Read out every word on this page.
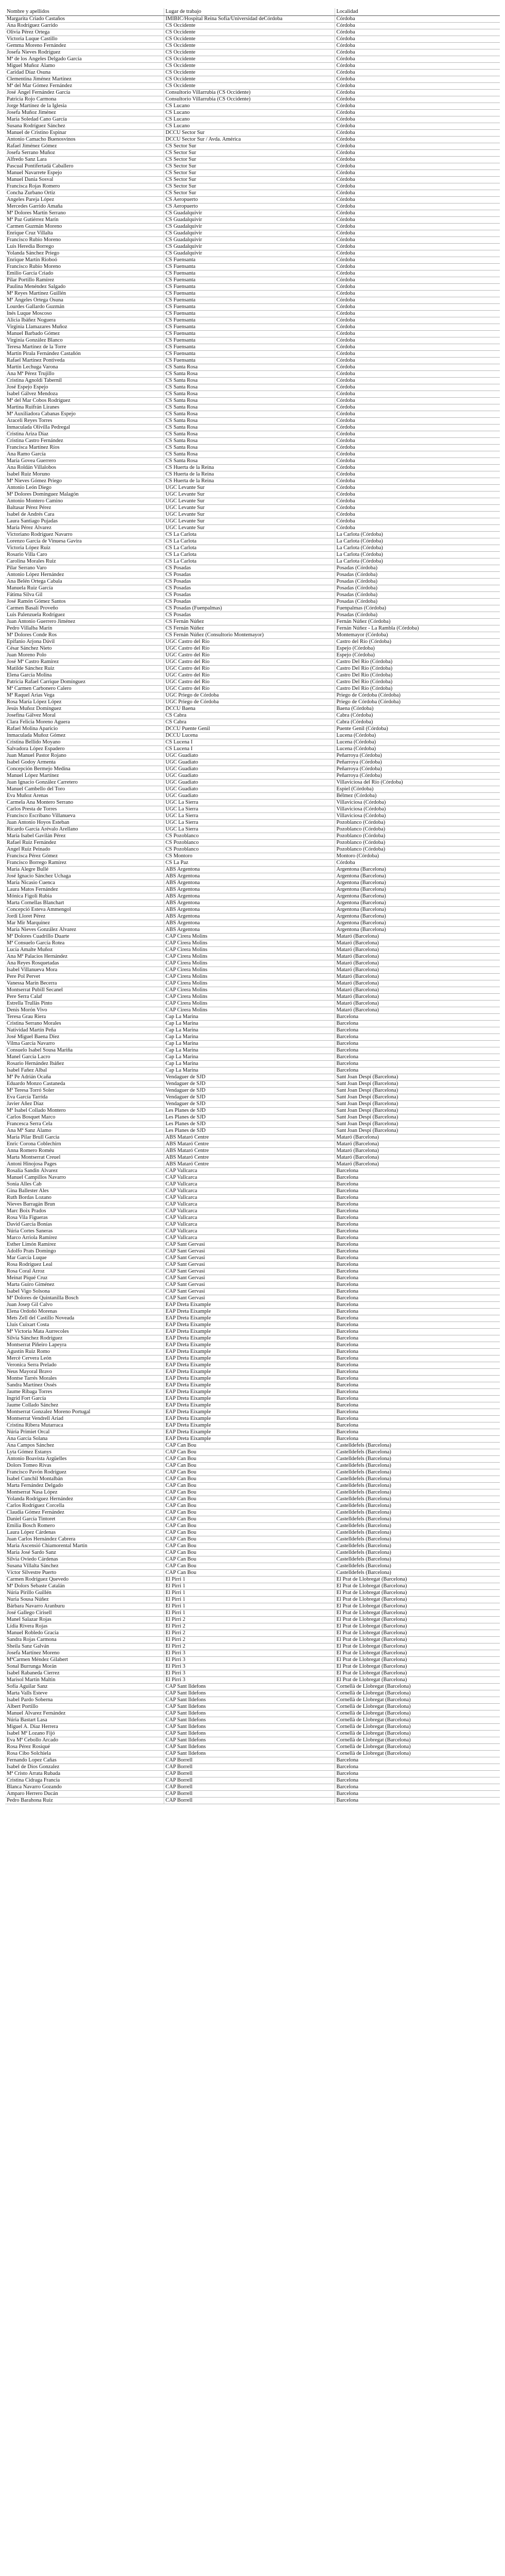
Nombre y apellidos	Lugar de trabajo	Localidad
Margarita Criado Castaños	IMIBIC/Hospital Reina Sofía/Universidad deCórdoba	Córdoba
Ana Rodríguez Garrido	CS Occidente	Córdoba
Olivia Pérez Ortega	CS Occidente	Córdoba
Victoria Luque Castillo	CS Occidente	Córdoba
Gemma Moreno Fernández	CS Occidente	Córdoba
Josefa Nieves Rodríguez	CS Occidente	Córdoba
Mª de los Ángeles Delgado García	CS Occidente	Córdoba
Miguel Muñoz Álamo	CS Occidente	Córdoba
Caridad Díaz Osuna	CS Occidente	Córdoba
Clementina Jiménez Martínez	CS Occidente	Córdoba
Mª del Mar Gómez Fernández	CS Occidente	Córdoba
José Ángel Fernández García	Consultorio Villarrubia (CS Occidente)	Córdoba
Patricia Rojo Carmona	Consultorio Villarrubia (CS Occidente)	Córdoba
Jorge Martínez de la Iglesia	CS Lucano	Córdoba
Josefa Muñoz Jiménez	CS Lucano	Córdoba
María Soledad Cano García	CS Lucano	Córdoba
Susana Rodríguez Sánchez	CS Lucano	Córdoba
Manuel de Cristino Espinar	DCCU Sector Sur	Córdoba
Antonio Camacho Buenosvinos	DCCU Sector Sur / Avda. América	Córdoba
Rafael Jiménez Gómez	CS Sector Sur	Córdoba
Josefa Serrano Muñoz	CS Sector Sur	Córdoba
Alfredo Sanz Lara	CS Sector Sur	Córdoba
Pascual Pontifertadá Caballero	CS Sector Sur	Córdoba
Manuel Navarrete Espejo	CS Sector Sur	Córdoba
Manuel Dania Sosval	CS Sector Sur	Córdoba
Francisca Rojas Romero	CS Sector Sur	Córdoba
Concha Zurbano Ortiz	CS Sector Sur	Córdoba
Ángeles Pareja López	CS Aeropuerto	Córdoba
Mercedes Garrido Amaña	CS Aeropuerto	Córdoba
Mª Dolores Martín Serrano	CS Guadalquivir	Córdoba
Mª Paz Gutiérrez Marín	CS Guadalquivir	Córdoba
Carmen Guzmán Moreno	CS Guadalquivir	Córdoba
Enrique Cruz Villalta	CS Guadalquivir	Córdoba
Francisco Rubio Moreno	CS Guadalquivir	Córdoba
Luis Heredia Borrego	CS Guadalquivir	Córdoba
Yolanda Sánchez Priego	CS Guadalquivir	Córdoba
Enrique Martín Rioboó	CS Fuensanta	Córdoba
Francisco Rubio Moreno	CS Fuensanta	Córdoba
Emilio García Criado	CS Fuensanta	Córdoba
Pilar Portillo Ramírez	CS Fuensanta	Córdoba
Paulina Menéndez Salgado	CS Fuensanta	Córdoba
Mª Reyes Martínez Guillén	CS Fuensanta	Córdoba
Mª Ángeles Ortega Osuna	CS Fuensanta	Córdoba
Lourdes Gallardo Guzmán	CS Fuensanta	Córdoba
Inés Luque Moscoso	CS Fuensanta	Córdoba
Alicia Ibáñez Noguera	CS Fuensanta	Córdoba
Virginia Llamazares Muñoz	CS Fuensanta	Córdoba
Manuel Barbado Gómez	CS Fuensanta	Córdoba
Virginia González Blanco	CS Fuensanta	Córdoba
Teresa Martínez de la Torre	CS Fuensanta	Córdoba
Martín Pirala Fernández Castañón	CS Fuensanta	Córdoba
Rafael Martínez Pontiveda	CS Fuensanta	Córdoba
Martín Lechuga Varona	CS Santa Rosa	Córdoba
Ana Mª Pérez Trujillo	CS Santa Rosa	Córdoba
Cristina Agnoldi Tabernil	CS Santa Rosa	Córdoba
José Espejo Espejo	CS Santa Rosa	Córdoba
Isabel Gálvez Mendoza	CS Santa Rosa	Córdoba
Mª del Mar Cobos Rodríguez	CS Santa Rosa	Córdoba
Martina Ruifrán Liranes	CS Santa Rosa	Córdoba
Mª Auxiliadora Cabanas Espejo	CS Santa Rosa	Córdoba
Araceli Reyes Torres	CS Santa Rosa	Córdoba
Inmaculada Olivilla Pedregal	CS Santa Rosa	Córdoba
Cristina Ariza Díaz	CS Santa Rosa	Córdoba
Cristina Castro Fernández	CS Santa Rosa	Córdoba
Francisca Martínez Ríos	CS Santa Rosa	Córdoba
Ana Ramo García	CS Santa Rosa	Córdoba
María Govea Guerrero	CS Santa Rosa	Córdoba
Ana Roldán Villalobos	CS Huerta de la Reina	Córdoba
Isabel Ruiz Moruno	CS Huerta de la Reina	Córdoba
Mª Nieves Gómez Priego	CS Huerta de la Reina	Córdoba
Antonio León Diego	UGC Levante Sur	Córdoba
Mª Dolores Domínguez Malagón	UGC Levante Sur	Córdoba
Antonio Montero Camino	UGC Levante Sur	Córdoba
Baltasar Pérez Pérez	UGC Levante Sur	Córdoba
Isabel de Andrés Cara	UGC Levante Sur	Córdoba
Laura Santiago Pujadas	UGC Levante Sur	Córdoba
María Pérez Álvarez	UGC Levante Sur	Córdoba
Victoriano Rodríguez Navarro	CS La Carlota	La Carlota (Córdoba)
Lorenzo García de Vinuesa Gavira	CS La Carlota	La Carlota (Córdoba)
Victoria López Ruiz	CS La Carlota	La Carlota (Córdoba)
Rosario Villa Caro	CS La Carlota	La Carlota (Córdoba)
Carolina Morales Ruiz	CS La Carlota	La Carlota (Córdoba)
Pilar Serrano Varo	CS Posadas	Posadas (Córdoba)
Antonio López Hernández	CS Posadas	Posadas (Córdoba)
Ana Belén Ortega Cabala	CS Posadas	Posadas (Córdoba)
Manuela Ruiz García	CS Posadas	Posadas (Córdoba)
Fátima Silva Gil	CS Posadas	Posadas (Córdoba)
José Ramón Gómez Santos	CS Posadas	Posadas (Córdoba)
Carmen Basalí Proveño	CS Posadas (Fuenpalmas)	Fuenpalmas (Córdoba)
Luis Palenzuela Rodríguez	CS Posadas	Posadas (Córdoba)
Juan Antonio Guerrero Jiménez	CS Fernán Núñez	Fernán Núñez (Córdoba)
Pedro Villalba Marín	CS Fernán Núñez	Fernán Núñez - La Rambla (Córdoba)
Mª Dolores Conde Ros	CS Fernán Núñez (Consultorio Montemayor)	Montemayor (Córdoba)
Epifanio Arjona Dávil	UGC Castro del Río	Castro del Río (Córdoba)
César Sánchez Nieto	UGC Castro del Río	Espejo (Córdoba)
Juan Moreno Polo	UGC Castro del Río	Espejo (Córdoba)
José Mª Castro Ramírez	UGC Castro del Río	Castro Del Río (Córdoba)
Matilde Sánchez Ruiz	UGC Castro del Río	Castro Del Río (Córdoba)
Elena García Molina	UGC Castro del Río	Castro Del Río (Córdoba)
Patricia Rafael Carrique Domínguez	UGC Castro del Río	Castro Del Río (Córdoba)
Mª Carmen Carbonero Calero	UGC Castro del Río	Castro Del Río (Córdoba)
Mª Raquel Arias Vega	UGC Priego de Córdoba	Priego de Córdoba (Córdoba)
Rosa María López López	UGC Priego de Córdoba	Priego de Córdoba (Córdoba)
Jesús Muñoz Domínguez	DCCU Baena	Baena (Córdoba)
Josefina Gálvez Moral	CS Cabra	Cabra (Córdoba)
Clara Felicia Moreno Aguera	CS Cabra	Cabra (Córdoba)
Rafael Molina Aparicio	DCCU Puente Genil	Puente Genil (Córdoba)
Inmaculada Muñoz Gómez	DCCU Lucena	Lucena (Córdoba)
Cristina Bellido Moyano	CS Lucena I	Lucena (Córdoba)
Salvadora López Espadero	CS Lucena I	Lucena (Córdoba)
Juan Manuel Pastor Rojano	UGC Guadiato	Peñarroya (Córdoba)
Isabel Godoy Armenta	UGC Guadiato	Peñarroya (Córdoba)
Concepción Bermejo Medina	UGC Guadiato	Peñarroya (Córdoba)
Manuel López Martínez	UGC Guadiato	Peñarroya (Córdoba)
Juan Ignacio González Carretero	UGC Guadiato	Villaviciosa del Río (Córdoba)
Manuel Cambello del Toro	UGC Guadiato	Espiel (Córdoba)
Eva Muñoz Arenas	UGC Guadiato	Bélmez (Córdoba)
Carmela Ana Montero Serrano	UGC La Sierra	Villaviciosa (Córdoba)
Carlos Presta de Torres	UGC La Sierra	Villaviciosa (Córdoba)
Francisco Escribano Villanueva	UGC La Sierra	Villaviciosa (Córdoba)
Juan Antonio Hoyos Esteban	UGC La Sierra	Pozoblanco (Córdoba)
Ricardo García Arévalo Arellano	UGC La Sierra	Pozoblanco (Córdoba)
María Isabel Gavilán Pérez	CS Pozoblanco	Pozoblanco (Córdoba)
Rafael Ruiz Fernández	CS Pozoblanco	Pozoblanco (Córdoba)
Ángel Ruiz Peinado	CS Pozoblanco	Pozoblanco (Córdoba)
Francisca Pérez Gómez	CS Montoro	Montoro (Córdoba)
Francisco Borrego Ramírez	CS La Paz	Córdoba
María Alegre Bullé	ABS Argentona	Argentona (Barcelona)
José Ignacio Sánchez Uchaga	ABS Argentona	Argentona (Barcelona)
María Nicasio Cuenca	ABS Argentona	Argentona (Barcelona)
Laura Matos Fernández	ABS Argentona	Argentona (Barcelona)
Mónica Figoli Rubia	ABS Argentona	Argentona (Barcelona)
Marta Cornellas Blanchart	ABS Argentona	Argentona (Barcelona)
Concepció Esteva Ammengol	ABS Argentona	Argentona (Barcelona)
Jordi Lloret Pérez	ABS Argentona	Argentona (Barcelona)
Mar Mir Marquinez	ABS Argentona	Argentona (Barcelona)
María Nieves González Álvarez	ABS Argentona	Argentona (Barcelona)
Mª Dolores Cuadrillo Duarte	CAP Cirera Molins	Mataró (Barcelona)
Mª Consuelo García Rotea	CAP Cirera Molins	Mataró (Barcelona)
Lucía Amalte Muñoz	CAP Cirera Molins	Mataró (Barcelona)
Ana Mª Palacios Hernández	CAP Cirera Molins	Mataró (Barcelona)
Ana Reyes Rosquetadas	CAP Cirera Molins	Mataró (Barcelona)
Isabel Villanueva Mora	CAP Cirera Molins	Mataró (Barcelona)
Pere Pol Pervet	CAP Cirera Molins	Mataró (Barcelona)
Vanessa Marín Becerra	CAP Cirera Molins	Mataró (Barcelona)
Montserrat Pubill Secanel	CAP Cirera Molins	Mataró (Barcelona)
Pere Serra Calaf	CAP Cirera Molins	Mataró (Barcelona)
Estrella Trullàs Pinto	CAP Cirera Molins	Mataró (Barcelona)
Denis Morón Vivo	CAP Cirera Molins	Mataró (Barcelona)
Teresa Grau Riera	Cap La Marina	Barcelona
Cristina Serrano Morales	Cap La Marina	Barcelona
Natividad Martín Peña	Cap La Marina	Barcelona
José Miguel Baena Díez	Cap La Marina	Barcelona
Vilma García Navarro	Cap La Marina	Barcelona
Consuelo Isabel Sousa Mariña	Cap La Marina	Barcelona
Manel García Lacro	Cap La Marina	Barcelona
Rosario Hernández Ibáñez	Cap La Marina	Barcelona
Isabel Fañez Albal	Cap La Marina	Barcelona
Mª Pe Adrián Ocaña	Vendaguer de SJD	Sant Joan Despí (Barcelona)
Eduardo Monzo Castaneda	Vendaguer de SJD	Sant Joan Despí (Barcelona)
Mª Teresa Torró Soler	Vendaguer de SJD	Sant Joan Despí (Barcelona)
Eva García Tarrida	Vendaguer de SJD	Sant Joan Despí (Barcelona)
Javier Añez Díaz	Vendaguer de SJD	Sant Joan Despí (Barcelona)
Mª Isabel Collado Montero	Les Planes de SJD	Sant Joan Despí (Barcelona)
Carlos Bosquet Marco	Les Planes de SJD	Sant Joan Despí (Barcelona)
Francesca Serra Cela	Les Planes de SJD	Sant Joan Despí (Barcelona)
Ana Mª Sanz Álamo	Les Planes de SJD	Sant Joan Despí (Barcelona)
María Pilar Brull Garcia	ABS Mataró Centre	Mataró (Barcelona)
Enric Corona Coblechirn	ABS Mataró Centre	Mataró (Barcelona)
Anna Romero Roméu	ABS Mataró Centre	Mataró (Barcelona)
Marta Montserrat Creuel	ABS Mataró Centre	Mataró (Barcelona)
Antoni Hinojosa Pages	ABS Mataró Centre	Mataró (Barcelona)
Rosalía Sandin Álvarez	CAP Vallcarca	Barcelona
Manuel Campillos Navarro	CAP Vallcarca	Barcelona
Sonia Alles Cab	CAP Vallcarca	Barcelona
Gina Ballester Ales	CAP Vallcarca	Barcelona
Ruth Bordas Lozano	CAP Vallcarca	Barcelona
Nieves Barragán Brun	CAP Vallcarca	Barcelona
Marc Boix Prados	CAP Vallcarca	Barcelona
Rosa Vila Figueras	CAP Vallcarca	Barcelona
David García Bonías	CAP Vallcarca	Barcelona
Núria Cortes Saneras	CAP Vallcarca	Barcelona
Marco Arriola Ramírez	CAP Vallcarca	Barcelona
Esther Limón Ramírez	CAP Sant Gervasi	Barcelona
Adolfo Prats Domingo	CAP Sant Gervasi	Barcelona
Mar García Luque	CAP Sant Gervasi	Barcelona
Rosa Rodríguez Leal	CAP Sant Gervasi	Barcelona
Rosa Coral Arroz	CAP Sant Gervasi	Barcelona
Meinat Piqué Cruz	CAP Sant Gervasi	Barcelona
Marta Guiro Giménez	CAP Sant Gervasi	Barcelona
Isabel Vigo Solsona	CAP Sant Gervasi	Barcelona
Mª Dolores de Quintanilla Bosch	CAP Sant Gervasi	Barcelona
Juan Josep Gil Calvo	EAP Dreta Eixample	Barcelona
Elena Ordoñó Morenas	EAP Dreta Eixample	Barcelona
Mets Zell del Castillo Noveada	EAP Dreta Eixample	Barcelona
Lluís Cuixart Costa	EAP Dreta Eixample	Barcelona
Mª Victoria Mata Aurrecoles	EAP Dreta Eixample	Barcelona
Silvia Sánchez Rodríguez	EAP Dreta Eixample	Barcelona
Montserrat Piñeiro Lapeyra	EAP Dreta Eixample	Barcelona
Agustín Ruiz Romo	EAP Dreta Eixample	Barcelona
Mercè Cervera León	EAP Dreta Eixample	Barcelona
Veronica Serra Prelado	EAP Dreta Eixample	Barcelona
Neus Mayoral Bravo	EAP Dreta Eixample	Barcelona
Montse Tarrés Morales	EAP Dreta Eixample	Barcelona
Sandra Martínez Ossés	EAP Dreta Eixample	Barcelona
Jaume Ribaga Torres	EAP Dreta Eixample	Barcelona
Ingrid Fort García	EAP Dreta Eixample	Barcelona
Jaume Collado Sánchez	EAP Dreta Eixample	Barcelona
Montserrat Gonzalez Moreno Portugal	EAP Dreta Eixample	Barcelona
Montserrat Vendrell Ariad	EAP Dreta Eixample	Barcelona
Cristina Ribera Mutarraca	EAP Dreta Eixample	Barcelona
Núria Primiet Orcal	EAP Dreta Eixample	Barcelona
Ana García Solana	EAP Dreta Eixample	Barcelona
Ana Campos Sánchez	CAP Can Bou	Castelldefels (Barcelona)
Lyta Gómez Estanys	CAP Can Bou	Castelldefels (Barcelona)
Antonio Boavista Argüelles	CAP Can Bou	Castelldefels (Barcelona)
Dolors Tomeo Rivas	CAP Can Bou	Castelldefels (Barcelona)
Francisco Pavón Rodríguez	CAP Can Bou	Castelldefels (Barcelona)
Isabel Cunchil Montalbán	CAP Can Bou	Castelldefels (Barcelona)
Marta Fernández Delgado	CAP Can Bou	Castelldefels (Barcelona)
Montserrat Nasa López	CAP Can Bou	Castelldefels (Barcelona)
Yolanda Rodríguez Hernández	CAP Can Bou	Castelldefels (Barcelona)
Carlos Rodríguez Corcella	CAP Can Bou	Castelldefels (Barcelona)
Claudia Gómez Fernández	CAP Can Bou	Castelldefels (Barcelona)
Daniel García Tintoret	CAP Can Bou	Castelldefels (Barcelona)
Emilia Bosch Romero	CAP Can Bou	Castelldefels (Barcelona)
Laura López Cárdenas	CAP Can Bou	Castelldefels (Barcelona)
Juan Carlos Hernández Cabrera	CAP Can Bou	Castelldefels (Barcelona)
Maria Ascensió Chiamorental Martín	CAP Can Bou	Castelldefels (Barcelona)
María José Sardo Sanz	CAP Can Bou	Castelldefels (Barcelona)
Silvia Oviedo Cárdenas	CAP Can Bou	Castelldefels (Barcelona)
Susana Villalta Sánchez	CAP Can Bou	Castelldefels (Barcelona)
Víctor Silvestre Puerto	CAP Can Bou	Castelldefels (Barcelona)
Carmen Rodríguez Quevedo	El Pirri 1	El Prat de Llobregat (Barcelona)
Mª Dolors Sebaste Catalán	El Pirri 1	El Prat de Llobregat (Barcelona)
Núria Pirillo Guillén	El Pirri 1	El Prat de Llobregat (Barcelona)
Nuria Sousa Núñez	El Pirri 1	El Prat de Llobregat (Barcelona)
Bárbara Navarro Aranburu	El Pirri 1	El Prat de Llobregat (Barcelona)
José Gallego Cirisell	El Pirri 1	El Prat de Llobregat (Barcelona)
Manel Salazar Rojas	El Pirri 2	El Prat de Llobregat (Barcelona)
Lídia Rivera Rojas	El Pirri 2	El Prat de Llobregat (Barcelona)
Manuel Robledo Gracia	El Pirri 2	El Prat de Llobregat (Barcelona)
Sandra Rojas Carmona	El Pirri 2	El Prat de Llobregat (Barcelona)
Sheila Sanz Galván	El Pirri 2	El Prat de Llobregat (Barcelona)
Josefa Martínez Moreno	El Pirri 3	El Prat de Llobregat (Barcelona)
MªCarmen Méndez Gilabert	El Pirri 3	El Prat de Llobregat (Barcelona)
Sonal Burrunga Morán	El Pirri 3	El Prat de Llobregat (Barcelona)
Isabel Rabaneda Cierrez	El Pirri 3	El Prat de Llobregat (Barcelona)
Marisol Martín Maltin	El Pirri 3	El Prat de Llobregat (Barcelona)
Sofía Aguilar Sanz	CAP Sant Ildefons	Cornellà de Llobregat (Barcelona)
Marta Valls Esteve	CAP Sant Ildefons	Cornellà de Llobregat (Barcelona)
Isabel Pardo Soberna	CAP Sant Ildefons	Cornellà de Llobregat (Barcelona)
Albert Portillo	CAP Sant Ildefons	Cornellà de Llobregat (Barcelona)
Manuel Álvarez Fernández	CAP Sant Ildefons	Cornellà de Llobregat (Barcelona)
Núria Bastart Lasa	CAP Sant Ildefons	Cornellà de Llobregat (Barcelona)
Miguel A. Díaz Herrera	CAP Sant Ildefons	Cornellà de Llobregat (Barcelona)
Isabel Mª Lozano Fijó	CAP Sant Ildefons	Cornellà de Llobregat (Barcelona)
Eva Mª Cebollo Arcado	CAP Sant Ildefons	Cornellà de Llobregat (Barcelona)
Rosa Pérez Rosiqué	CAP Sant Ildefons	Cornellà de Llobregat (Barcelona)
Rosa Cibo Solchiela	CAP Sant Ildefons	Cornellà de Llobregat (Barcelona)
Fernando Lopez Cañas	CAP Borrell	Barcelona
Isabel de Dios Gonzalez	CAP Borrell	Barcelona
Mª Cristo Arrata Rubada	CAP Borrell	Barcelona
Cristina Cidraga Francia	CAP Borrell	Barcelona
Blanca Navarro Gozando	CAP Borrell	Barcelona
Amparo Herrero Ducán	CAP Borrell	Barcelona
Pedro Barahona Ruiz	CAP Borrell	Barcelona
